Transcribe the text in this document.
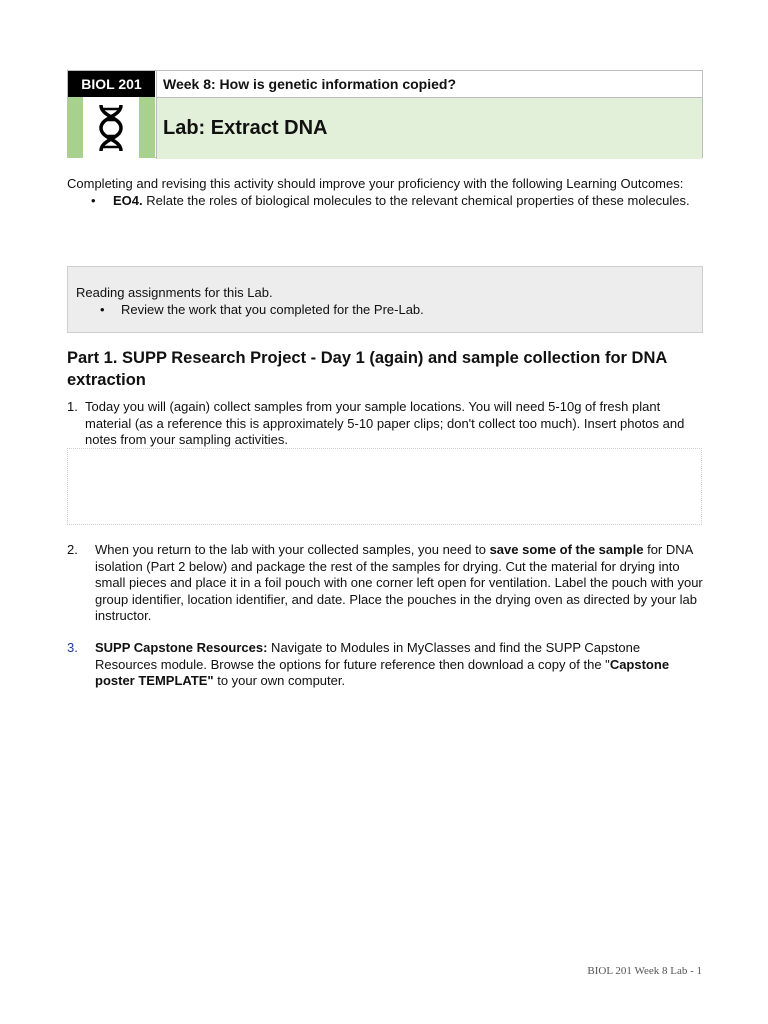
BIOL 201	Week 8: How is genetic information copied?
Lab: Extract DNA
Completing and revising this activity should improve your proficiency with the following Learning Outcomes:
• EO4. Relate the roles of biological molecules to the relevant chemical properties of these molecules.
Reading assignments for this Lab.
• Review the work that you completed for the Pre-Lab.
Part 1. SUPP Research Project - Day 1 (again) and sample collection for DNA extraction
1. Today you will (again) collect samples from your sample locations. You will need 5-10g of fresh plant material (as a reference this is approximately 5-10 paper clips; don't collect too much). Insert photos and notes from your sampling activities.
2.	When you return to the lab with your collected samples, you need to save some of the sample for DNA isolation (Part 2 below) and package the rest of the samples for drying. Cut the material for drying into small pieces and place it in a foil pouch with one corner left open for ventilation. Label the pouch with your group identifier, location identifier, and date. Place the pouches in the drying oven as directed by your lab instructor.
3.	SUPP Capstone Resources: Navigate to Modules in MyClasses and find the SUPP Capstone Resources module. Browse the options for future reference then download a copy of the "Capstone poster TEMPLATE" to your own computer.
BIOL 201 Week 8 Lab - 1
